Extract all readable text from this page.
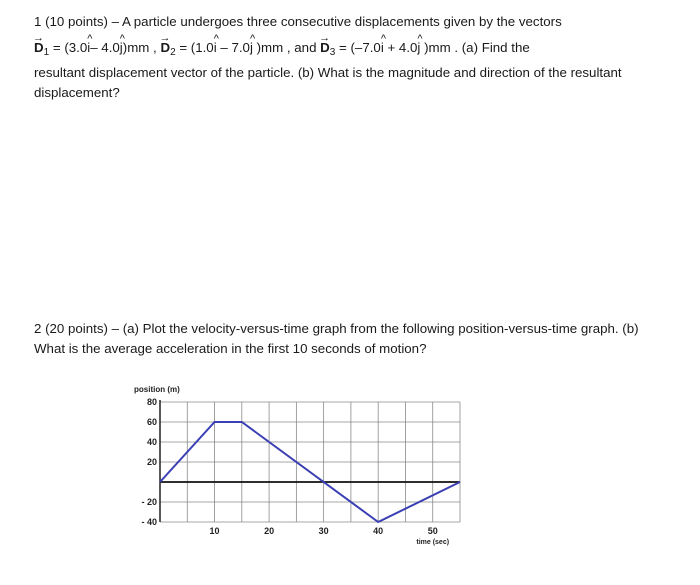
1 (10 points) – A particle undergoes three consecutive displacements given by the vectors
→ $D_1$ = (3.0^ i– 4.0^ j)mm , → $D_2$ = (1.0^ i – 7.0^ j )mm , and → $D_3$ = (–7.0^ i + 4.0^ j )mm . (a) Find the
resultant displacement vector of the particle. (b) What is the magnitude and direction of the resultant
displacement?
2 (20 points) – (a) Plot the velocity-versus-time graph from the following position-versus-time graph. (b)
What is the average acceleration in the first 10 seconds of motion?
position (m)
80
60
40
20
- 20
- 40
10	20	30	40	50
time (sec)
